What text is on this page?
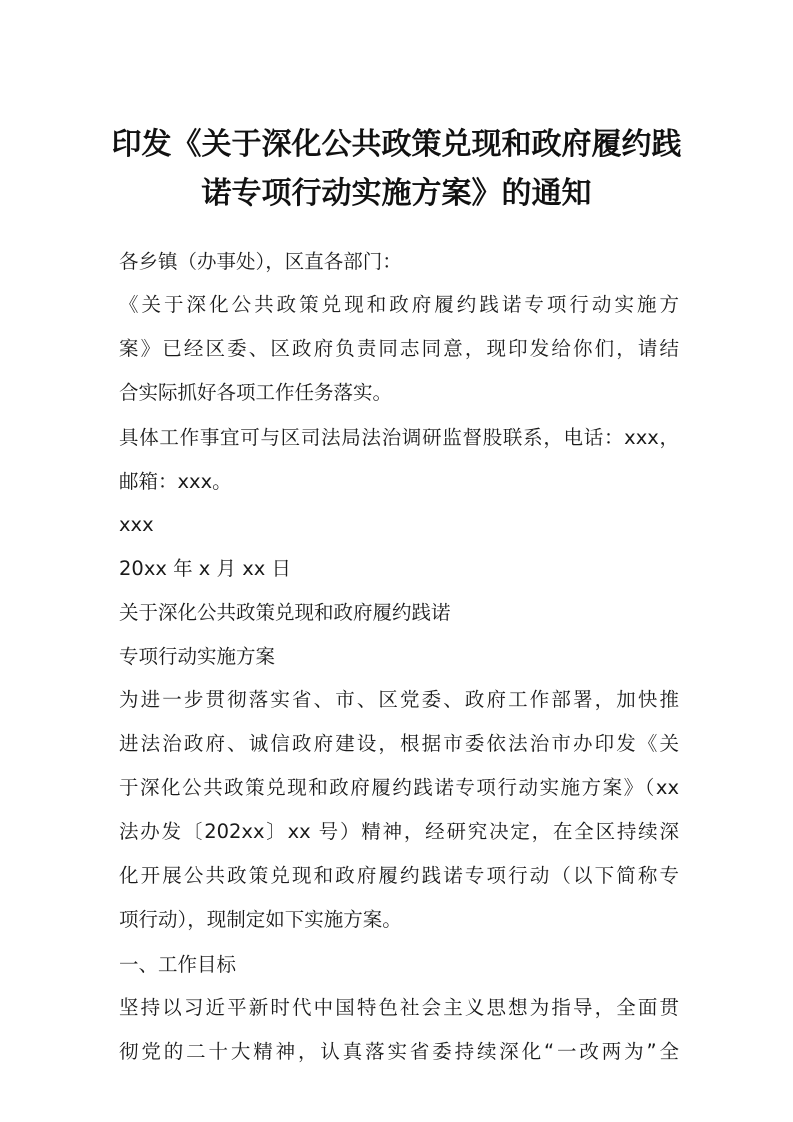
印发《关于深化公共政策兑现和政府履约践
诺专项行动实施方案》的通知
各乡镇（办事处），区直各部门：
《关于深化公共政策兑现和政府履约践诺专项行动实施方
案》已经区委、区政府负责同志同意，现印发给你们，请结
合实际抓好各项工作任务落实。
具体工作事宜可与区司法局法治调研监督股联系，电话：xxx，
邮箱：xxx。
xxx
20xx 年 x 月 xx 日
关于深化公共政策兑现和政府履约践诺
专项行动实施方案
为进一步贯彻落实省、市、区党委、政府工作部署，加快推
进法治政府、诚信政府建设，根据市委依法治市办印发《关
于深化公共政策兑现和政府履约践诺专项行动实施方案》（xx
法办发〔202xx〕xx 号）精神，经研究决定，在全区持续深
化开展公共政策兑现和政府履约践诺专项行动（以下简称专
项行动），现制定如下实施方案。
一、工作目标
坚持以习近平新时代中国特色社会主义思想为指导，全面贯
彻党的二十大精神，认真落实省委持续深化“一改两为”全
